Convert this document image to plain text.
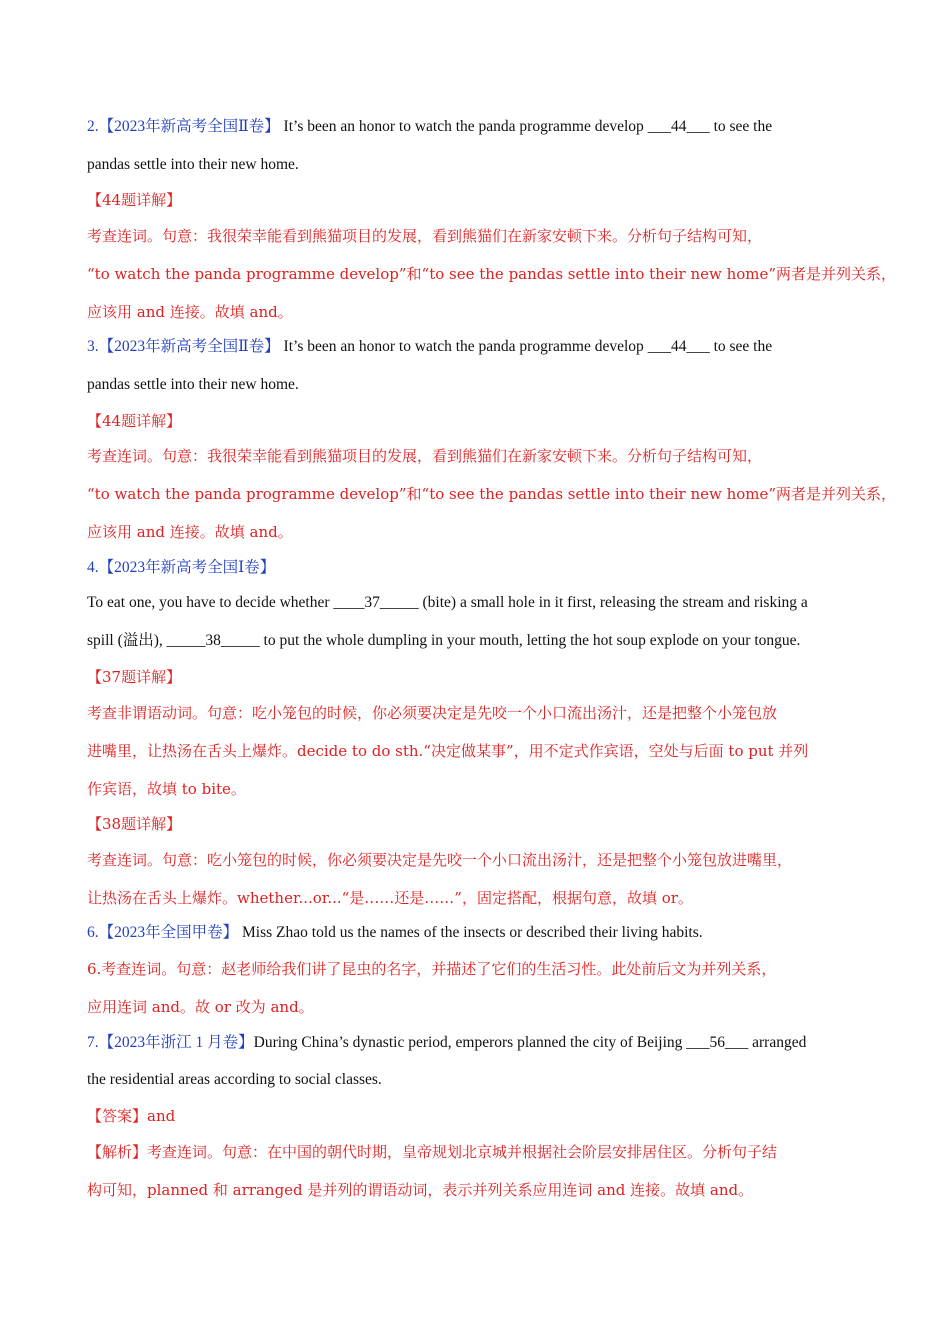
2.【2023年新高考全国Ⅱ卷】 It’s been an honor to watch the panda programme develop ___44___ to see the
pandas settle into their new home.
【44题详解】
考查连词。句意：我很荣幸能看到熊猫项目的发展，看到熊猫们在新家安顿下来。分析句子结构可知，
“to watch the panda programme develop”和“to see the pandas settle into their new home”两者是并列关系，
应该用 and 连接。故填 and。
3.【2023年新高考全国Ⅱ卷】 It’s been an honor to watch the panda programme develop ___44___ to see the
pandas settle into their new home.
【44题详解】
考查连词。句意：我很荣幸能看到熊猫项目的发展，看到熊猫们在新家安顿下来。分析句子结构可知，
“to watch the panda programme develop”和“to see the pandas settle into their new home”两者是并列关系，
应该用 and 连接。故填 and。
4.【2023年新高考全国Ⅰ卷】
To eat one, you have to decide whether ____37_____ (bite) a small hole in it first, releasing the stream and risking a
spill (溢出), _____38_____ to put the whole dumpling in your mouth, letting the hot soup explode on your tongue.
【37题详解】
考查非谓语动词。句意：吃小笼包的时候，你必须要决定是先咬一个小口流出汤汁，还是把整个小笼包放
进嘴里，让热汤在舌头上爆炸。decide to do sth.“决定做某事”，用不定式作宾语，空处与后面 to put 并列
作宾语，故填 to bite。
【38题详解】
考查连词。句意：吃小笼包的时候，你必须要决定是先咬一个小口流出汤汁，还是把整个小笼包放进嘴里，
让热汤在舌头上爆炸。whether...or...“是……还是……”，固定搭配，根据句意，故填 or。
6.【2023年全国甲卷】 Miss Zhao told us the names of the insects or described their living habits.
6.考查连词。句意：赵老师给我们讲了昆虫的名字，并描述了它们的生活习性。此处前后文为并列关系，
应用连词 and。故 or 改为 and。
7.【2023年浙江 1 月卷】During China’s dynastic period, emperors planned the city of Beijing ___56___ arranged
the residential areas according to social classes.
【答案】and
【解析】考查连词。句意：在中国的朝代时期，皇帝规划北京城并根据社会阶层安排居住区。分析句子结
构可知，planned 和 arranged 是并列的谓语动词，表示并列关系应用连词 and 连接。故填 and。
